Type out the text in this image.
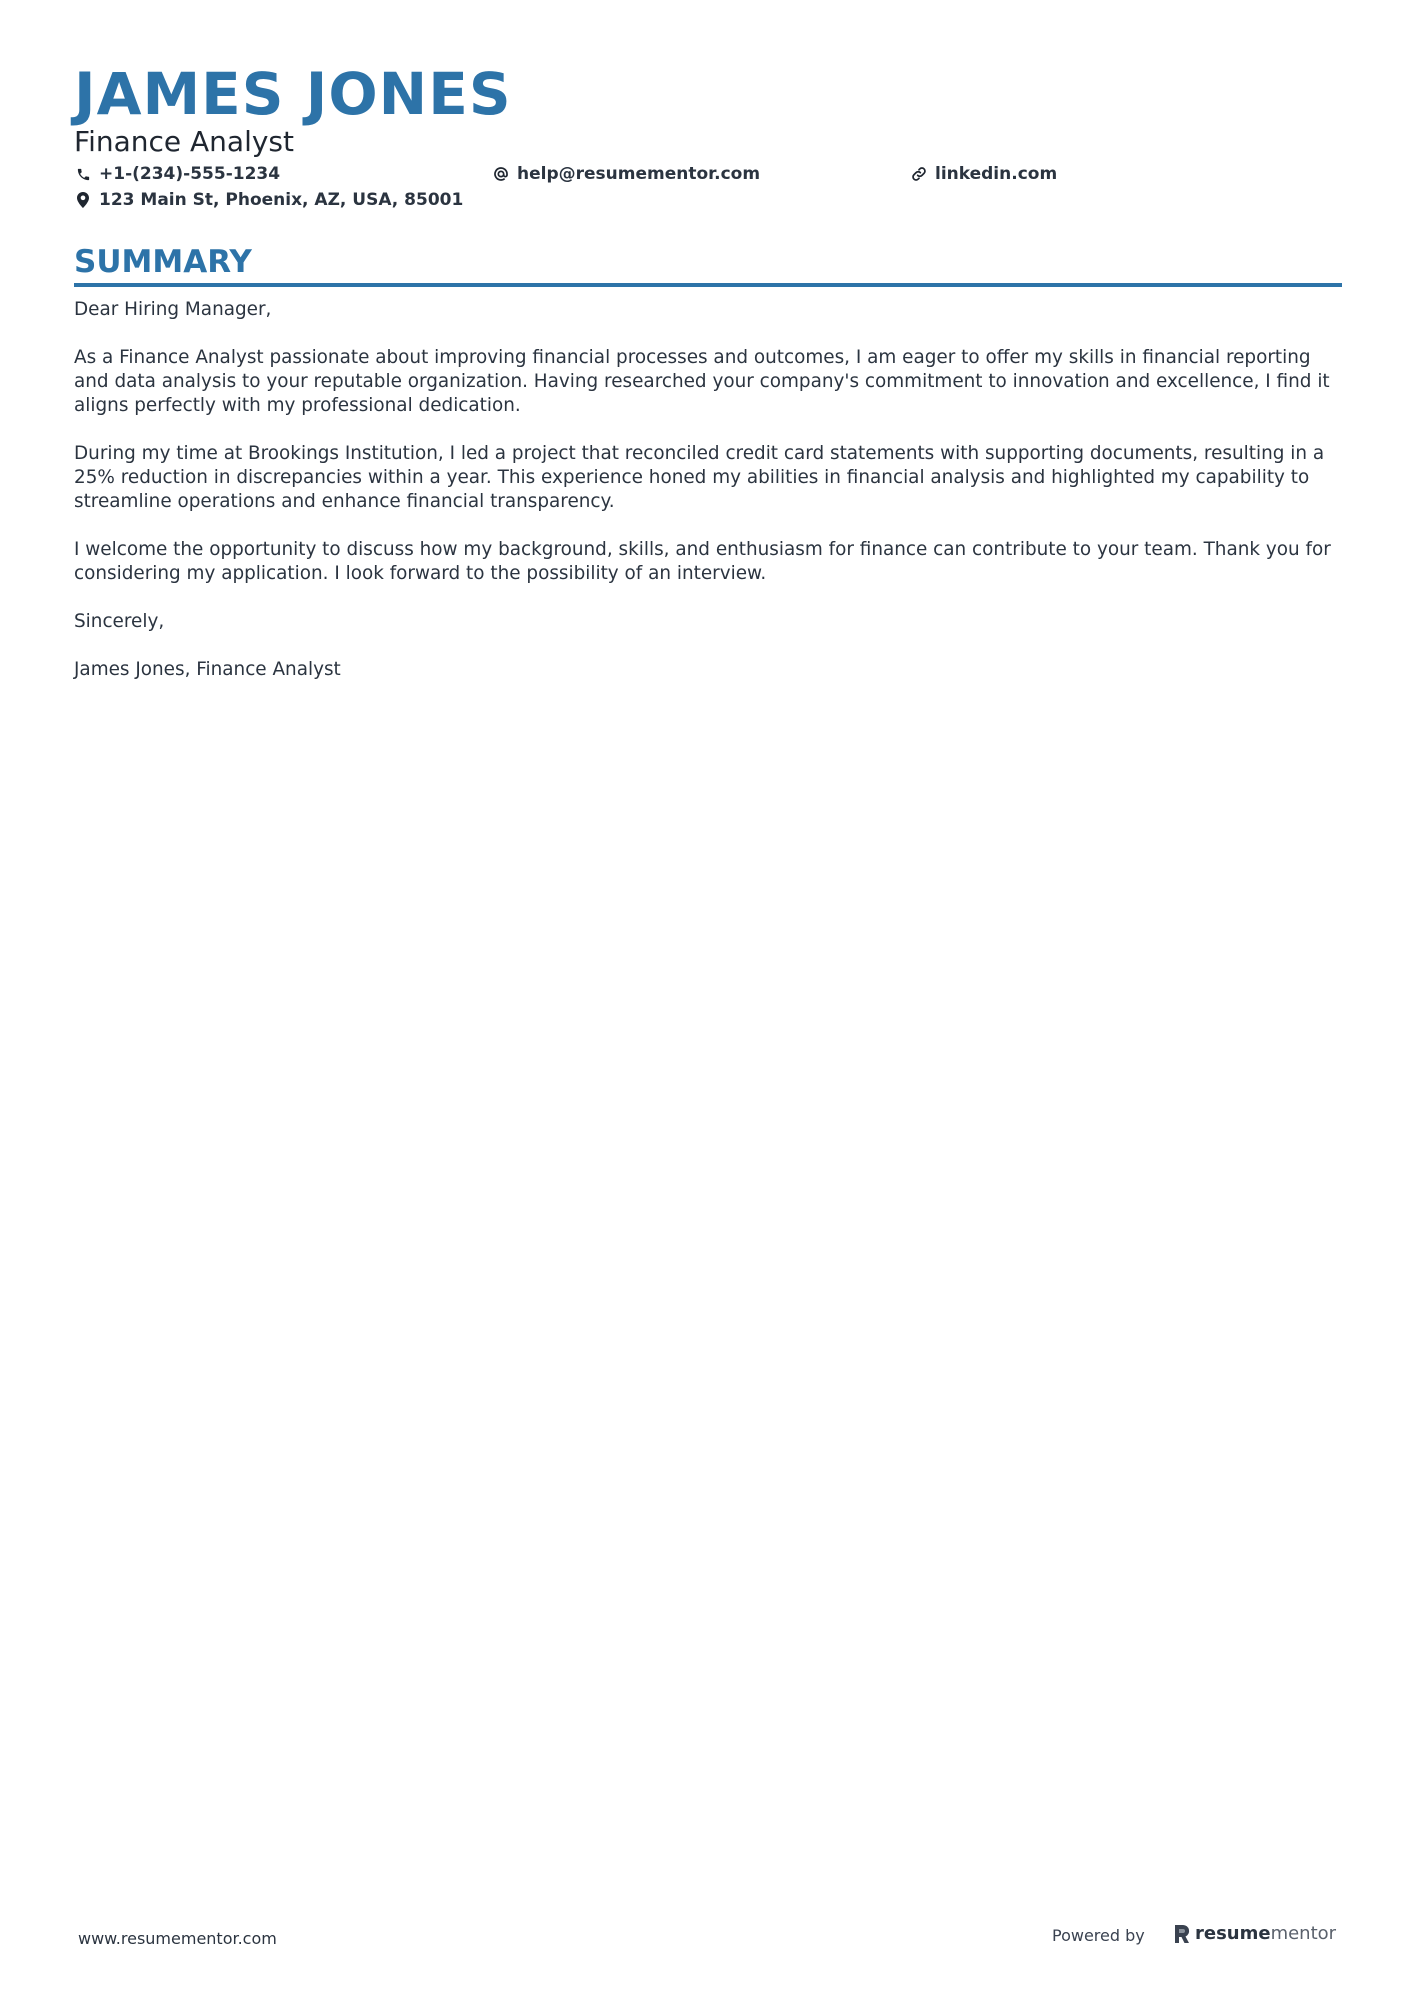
JAMES JONES
Finance Analyst
+1-(234)-555-1234	help@resumementor.com	linkedin.com
123 Main St, Phoenix, AZ, USA, 85001
SUMMARY

Dear Hiring Manager,

As a Finance Analyst passionate about improving financial processes and outcomes, I am eager to offer my skills in financial reporting and data analysis to your reputable organization. Having researched your company's commitment to innovation and excellence, I find it aligns perfectly with my professional dedication.

During my time at Brookings Institution, I led a project that reconciled credit card statements with supporting documents, resulting in a 25% reduction in discrepancies within a year. This experience honed my abilities in financial analysis and highlighted my capability to streamline operations and enhance financial transparency.

I welcome the opportunity to discuss how my background, skills, and enthusiasm for finance can contribute to your team. Thank you for considering my application. I look forward to the possibility of an interview.

Sincerely,

James Jones, Finance Analyst

www.resumementor.com	Powered by	resume mentor
